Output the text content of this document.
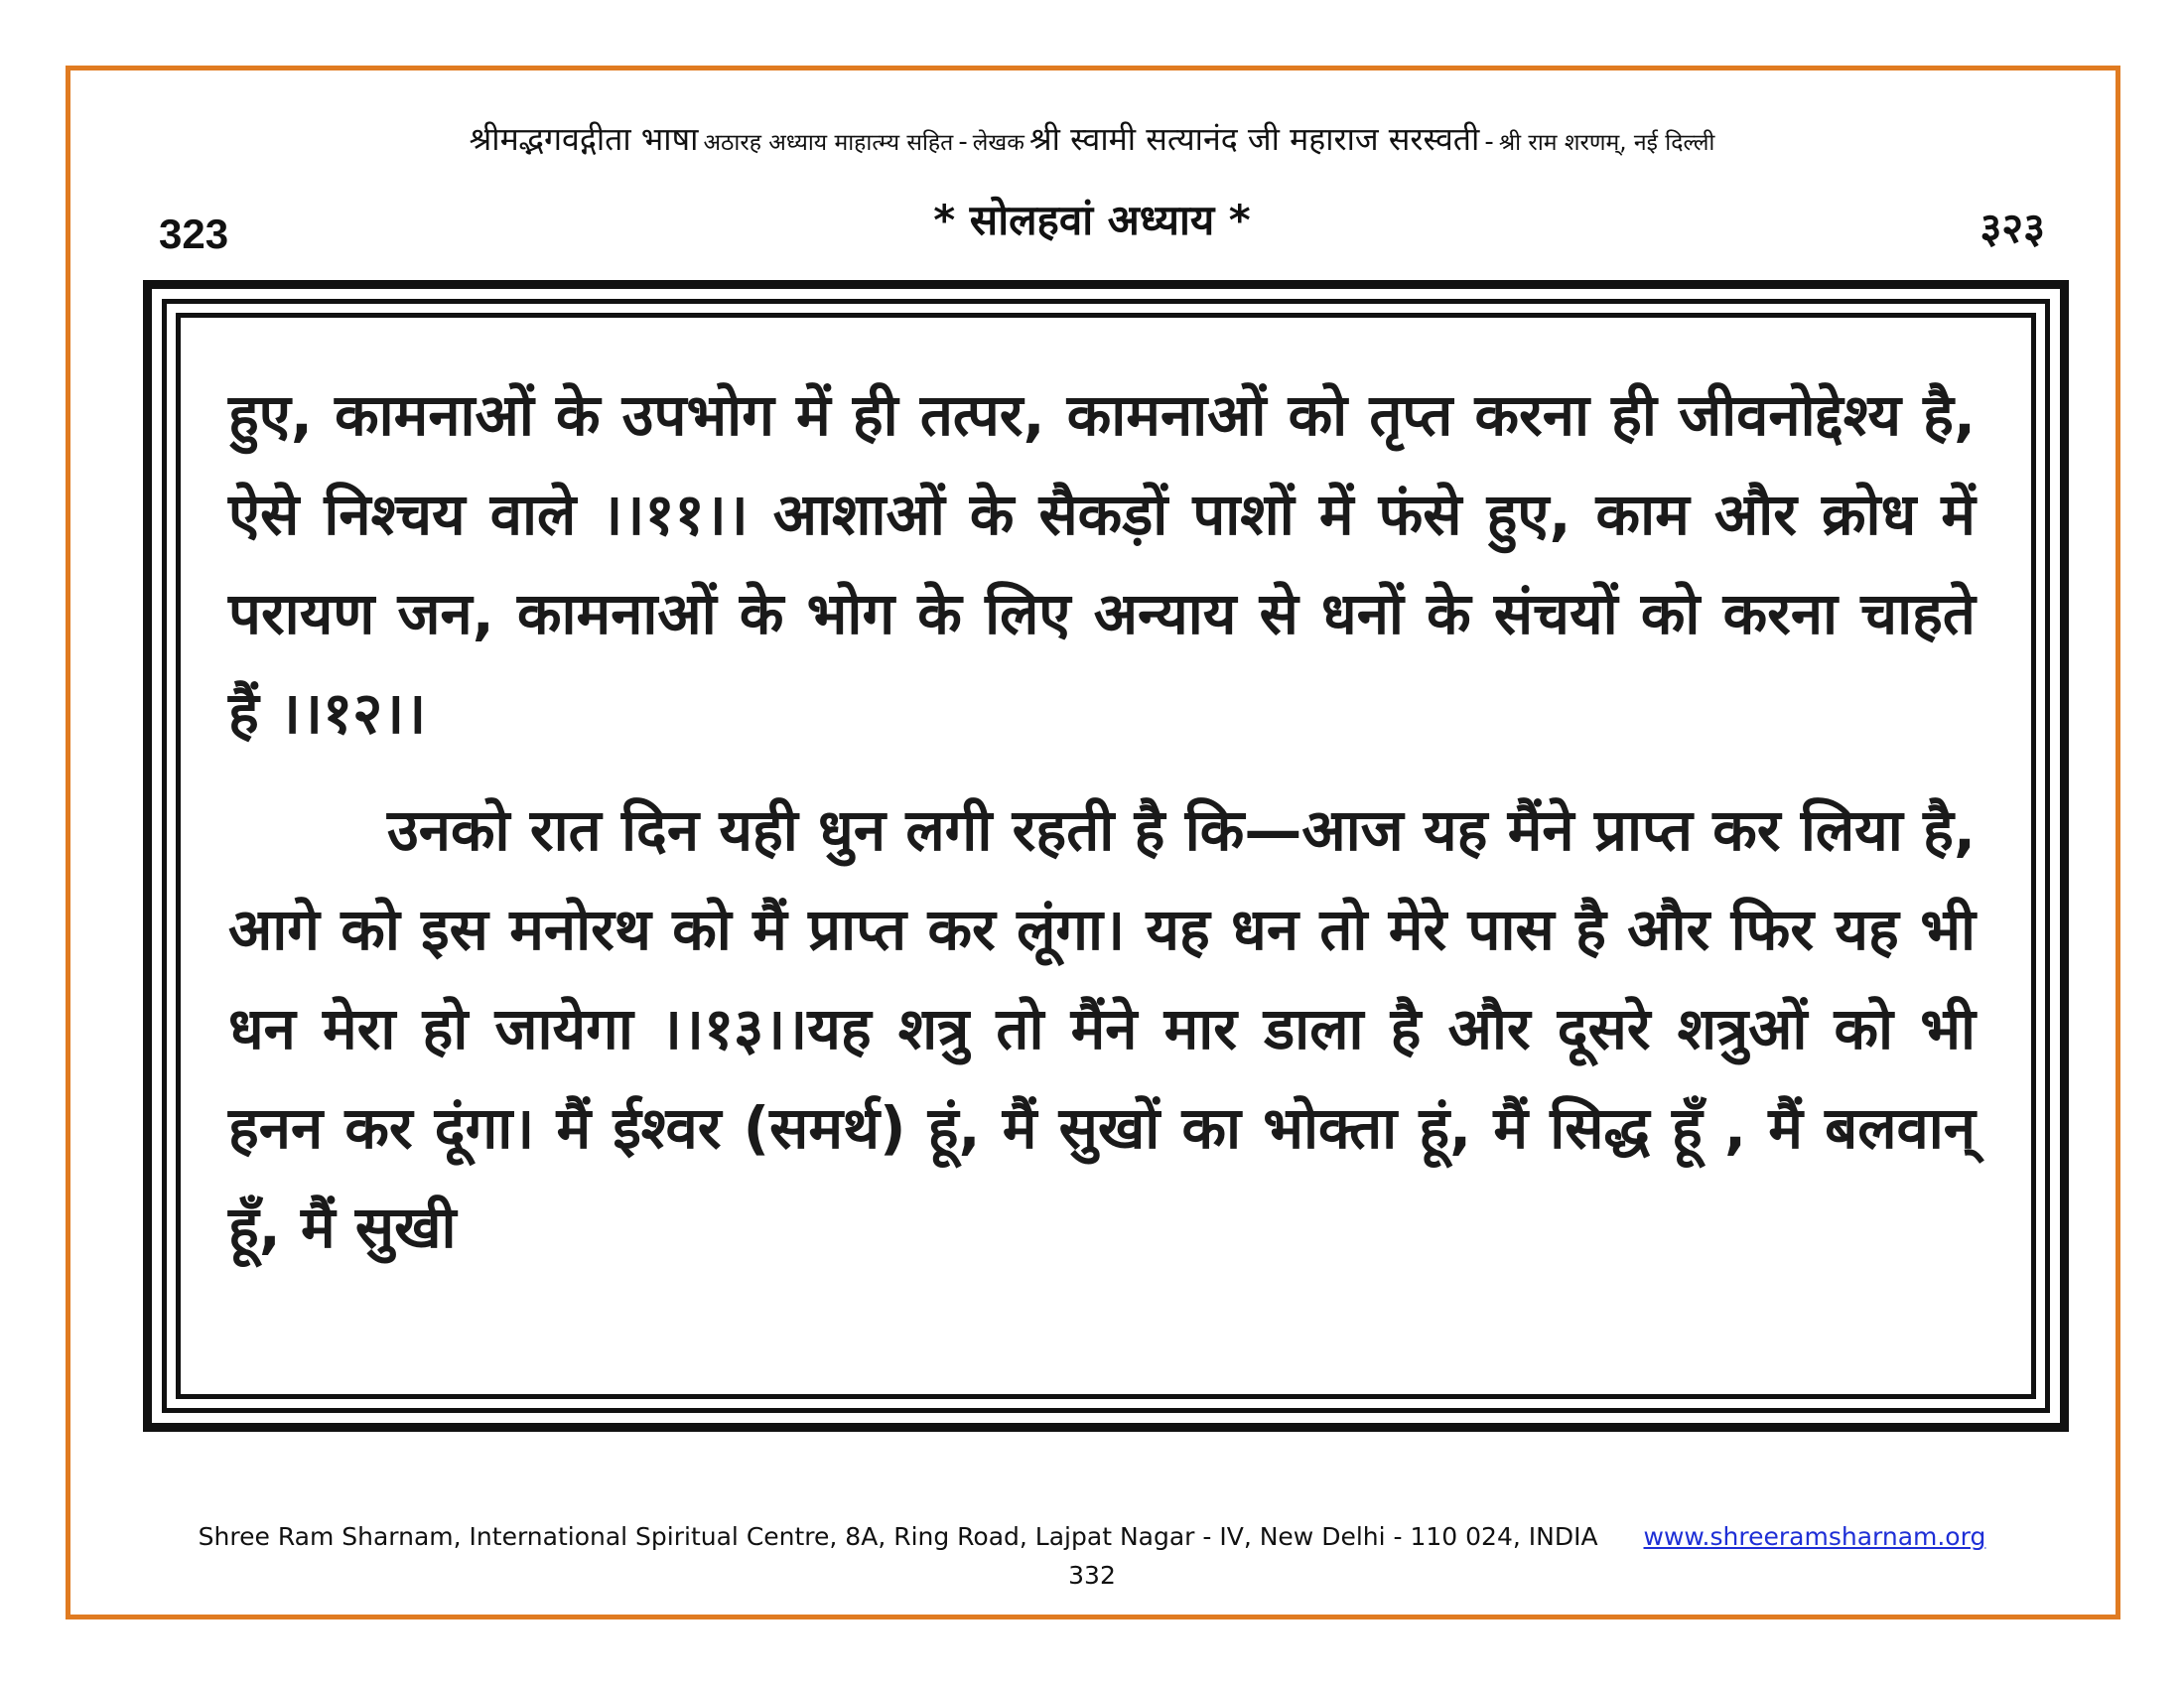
श्रीमद्भगवद्गीता भाषा अठारह अध्याय माहात्म्य सहित - लेखक श्री स्वामी सत्यानंद जी महाराज सरस्वती - श्री राम शरणम्, नई दिल्ली
323	* सोलहवां अध्याय *	३२३

हुए, कामनाओं के उपभोग में ही तत्पर, कामनाओं को तृप्त करना ही जीवनोद्देश्य है, ऐसे निश्चय वाले ।।११।। आशाओं के सैकड़ों पाशों में फंसे हुए, काम और क्रोध में परायण जन, कामनाओं के भोग के लिए अन्याय से धनों के संचयों को करना चाहते हैं ।।१२।।

उनको रात दिन यही धुन लगी रहती है कि—आज यह मैंने प्राप्त कर लिया है, आगे को इस मनोरथ को मैं प्राप्त कर लूंगा। यह धन तो मेरे पास है और फिर यह भी धन मेरा हो जायेगा ।।१३।।यह शत्रु तो मैंने मार डाला है और दूसरे शत्रुओं को भी हनन कर दूंगा। मैं ईश्वर (समर्थ) हूं, मैं सुखों का भोक्ता हूं, मैं सिद्ध हूँ , मैं बलवान् हूँ, मैं सुखी

Shree Ram Sharnam, International Spiritual Centre, 8A, Ring Road, Lajpat Nagar - IV, New Delhi - 110 024, INDIA www.shreeramsharnam.org
332
